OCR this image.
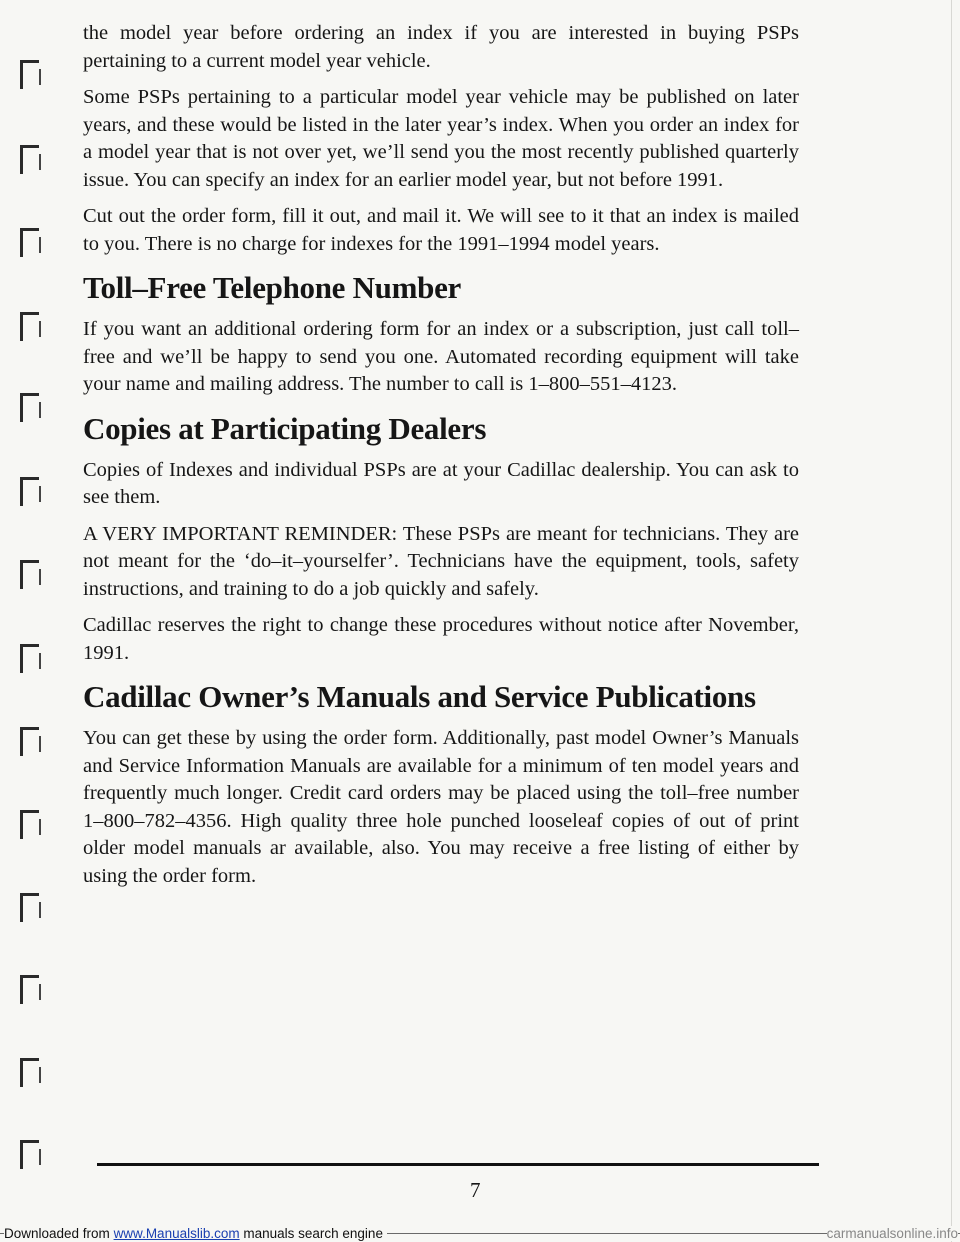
the model year before ordering an index if you are interested in buying PSPs pertaining to a current model year vehicle.

Some PSPs pertaining to a particular model year vehicle may be published on later years, and these would be listed in the later year’s index. When you order an index for a model year that is not over yet, we’ll send you the most recently published quarterly issue. You can specify an index for an earlier model year, but not before 1991.

Cut out the order form, fill it out, and mail it. We will see to it that an index is mailed to you. There is no charge for indexes for the 1991–1994 model years.

Toll–Free Telephone Number

If you want an additional ordering form for an index or a subscription, just call toll–free and we’ll be happy to send you one. Automated recording equipment will take your name and mailing address. The number to call is 1–800–551–4123.

Copies at Participating Dealers

Copies of Indexes and individual PSPs are at your Cadillac dealership. You can ask to see them.

A VERY IMPORTANT REMINDER: These PSPs are meant for technicians. They are not meant for the ‘do–it–yourselfer’. Technicians have the equipment, tools, safety instructions, and training to do a job quickly and safely.

Cadillac reserves the right to change these procedures without notice after November, 1991.

Cadillac Owner’s Manuals and Service Publications

You can get these by using the order form. Additionally, past model Owner’s Manuals and Service Information Manuals are available for a minimum of ten model years and frequently much longer. Credit card orders may be placed using the toll–free number 1–800–782–4356. High quality three hole punched looseleaf copies of out of print older model manuals ar available, also. You may receive a free listing of either by using the order form.

7
Downloaded from www.Manualslib.com manuals search engine	carmanualsonline.info
